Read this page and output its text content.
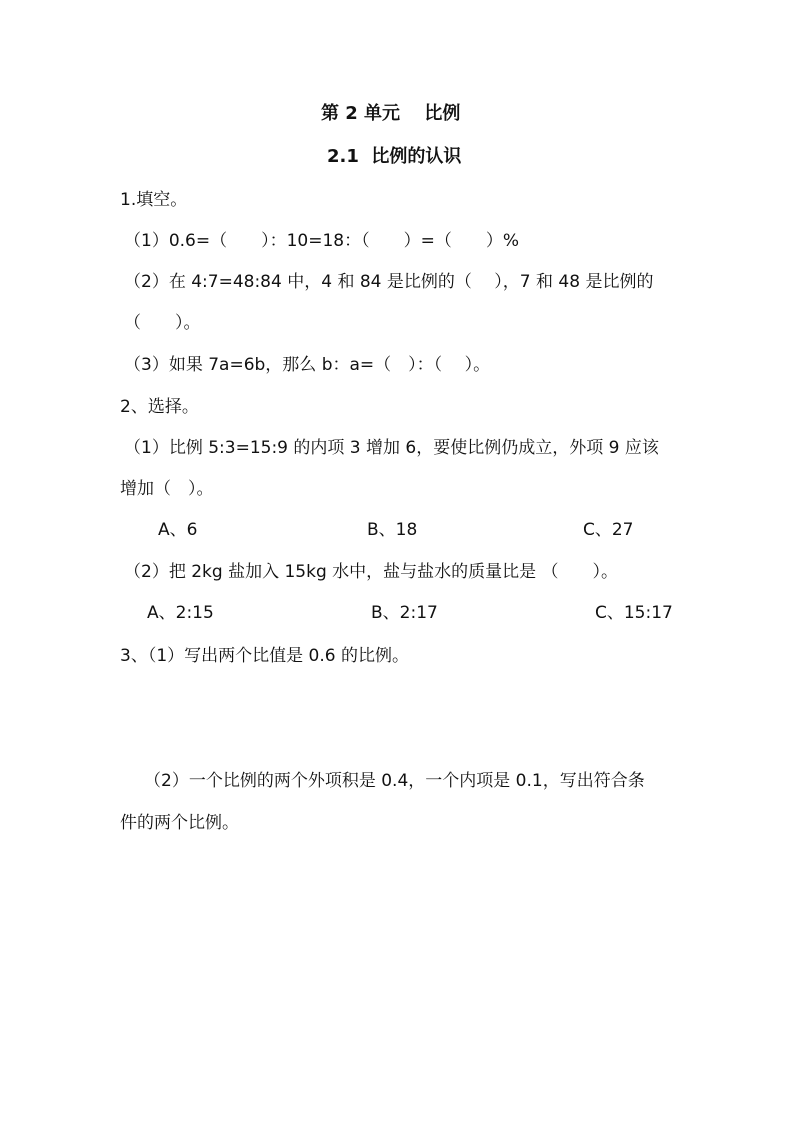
第 2 单元　 比例
2.1  比例的认识
1.填空。
（1）0.6=（　　）：10=18：（　　）=（　　）%
（2）在 4:7=48:84 中，4 和 84 是比例的（　 ），7 和 48 是比例的
（　　）。
（3）如果 7a=6b，那么 b：a=（　）：（　 ）。
2、选择。
（1）比例 5:3=15:9 的内项 3 增加 6，要使比例仍成立，外项 9 应该
增加（　）。
A、6	B、18	C、27
（2）把 2kg 盐加入 15kg 水中，盐与盐水的质量比是 （　　）。
A、2:15	B、2:17	C、15:17
3、（1）写出两个比值是 0.6 的比例。
（2）一个比例的两个外项积是 0.4，一个内项是 0.1，写出符合条
件的两个比例。
